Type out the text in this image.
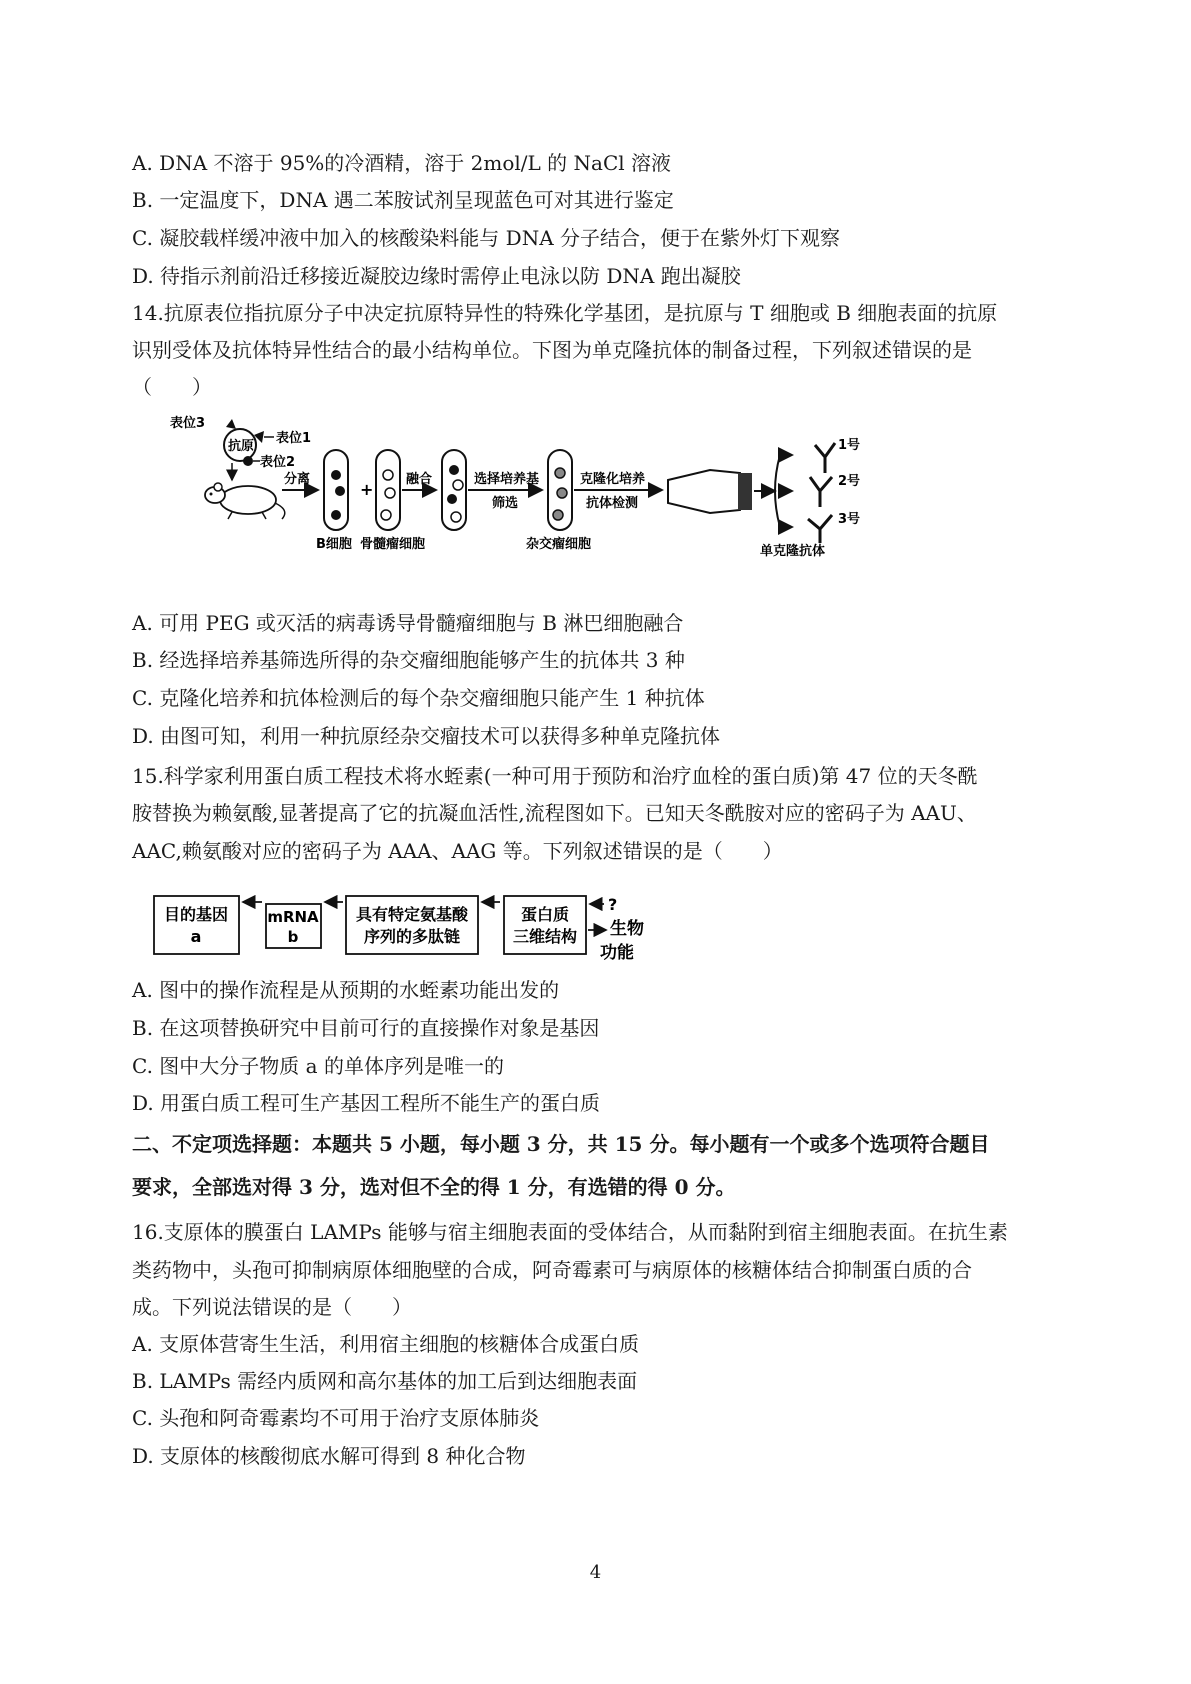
A. DNA 不溶于 95%的冷酒精，溶于 2mol/L 的 NaCl 溶液
B. 一定温度下，DNA 遇二苯胺试剂呈现蓝色可对其进行鉴定
C. 凝胶载样缓冲液中加入的核酸染料能与 DNA 分子结合，便于在紫外灯下观察
D. 待指示剂前沿迁移接近凝胶边缘时需停止电泳以防 DNA 跑出凝胶
14.抗原表位指抗原分子中决定抗原特异性的特殊化学基团，是抗原与 T 细胞或 B 细胞表面的抗原
识别受体及抗体特异性结合的最小结构单位。下图为单克隆抗体的制备过程，下列叙述错误的是
（　　）
表位3
抗原
表位1
表位2
分离
+
融合	选择培养基
筛选
克隆化培养
抗体检测
1号
2号
3号
B细胞 骨髓瘤细胞	杂交瘤细胞	单克隆抗体
A. 可用 PEG 或灭活的病毒诱导骨髓瘤细胞与 B 淋巴细胞融合
B. 经选择培养基筛选所得的杂交瘤细胞能够产生的抗体共 3 种
C. 克隆化培养和抗体检测后的每个杂交瘤细胞只能产生 1 种抗体
D. 由图可知，利用一种抗原经杂交瘤技术可以获得多种单克隆抗体
15.科学家利用蛋白质工程技术将水蛭素(一种可用于预防和治疗血栓的蛋白质)第 47 位的天冬酰
胺替换为赖氨酸,显著提高了它的抗凝血活性,流程图如下。已知天冬酰胺对应的密码子为 AAU、
AAC,赖氨酸对应的密码子为 AAA、AAG 等。下列叙述错误的是（　　）
目的基因
a
mRNA
b
具有特定氨基酸
序列的多肽链
蛋白质
三维结构
?
生物
功能
A. 图中的操作流程是从预期的水蛭素功能出发的
B. 在这项替换研究中目前可行的直接操作对象是基因
C. 图中大分子物质 a 的单体序列是唯一的
D. 用蛋白质工程可生产基因工程所不能生产的蛋白质
二、不定项选择题：本题共 5 小题，每小题 3 分，共 15 分。每小题有一个或多个选项符合题目
要求，全部选对得 3 分，选对但不全的得 1 分，有选错的得 0 分。
16.支原体的膜蛋白 LAMPs 能够与宿主细胞表面的受体结合，从而黏附到宿主细胞表面。在抗生素
类药物中，头孢可抑制病原体细胞壁的合成，阿奇霉素可与病原体的核糖体结合抑制蛋白质的合
成。下列说法错误的是（　　）
A. 支原体营寄生生活，利用宿主细胞的核糖体合成蛋白质
B. LAMPs 需经内质网和高尔基体的加工后到达细胞表面
C. 头孢和阿奇霉素均不可用于治疗支原体肺炎
D. 支原体的核酸彻底水解可得到 8 种化合物
4
